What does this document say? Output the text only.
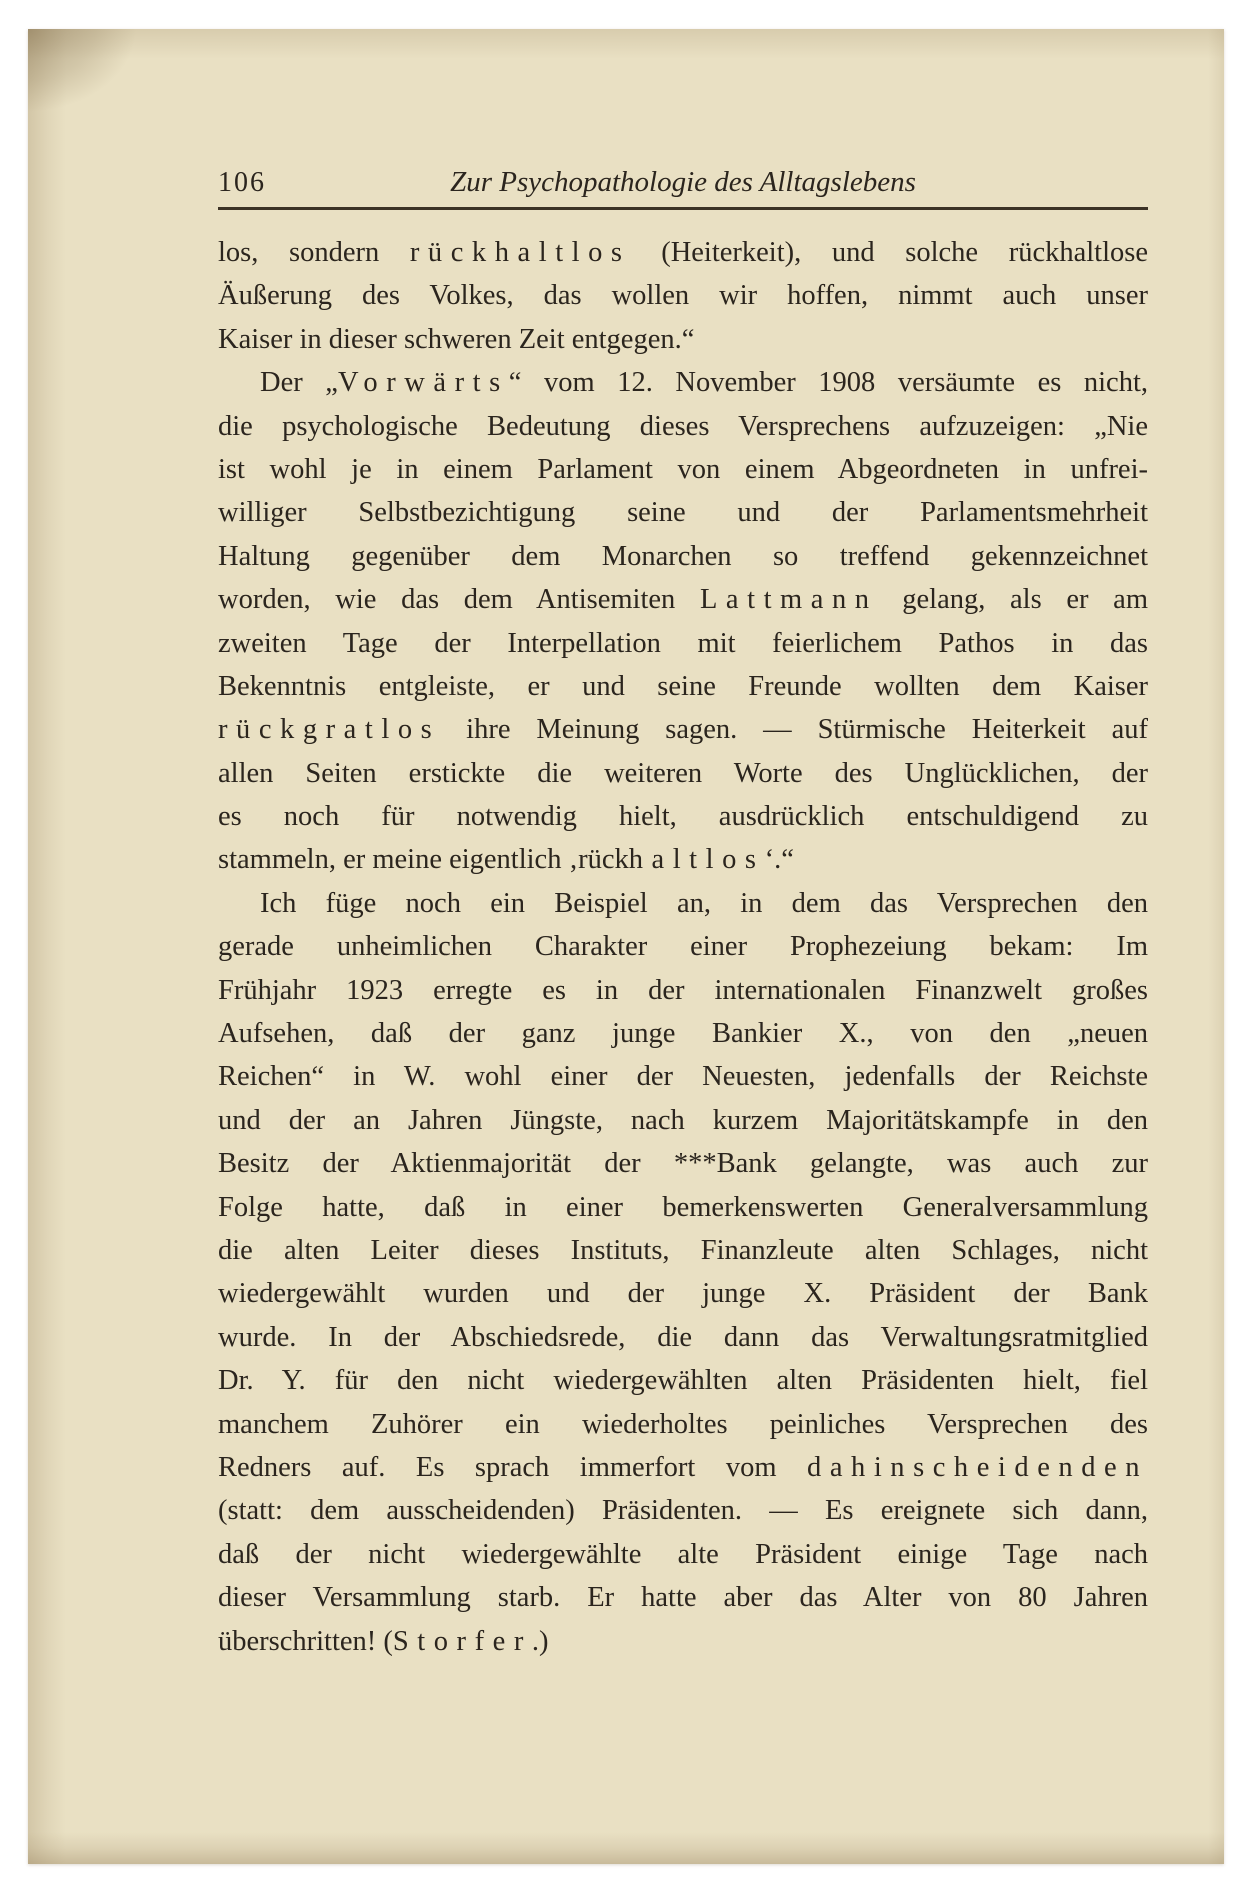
106	Zur Psychopathologie des Alltagslebens
los, sondern rückhaltlos (Heiterkeit), und solche rückhaltlose
Äußerung des Volkes, das wollen wir hoffen, nimmt auch unser
Kaiser in dieser schweren Zeit entgegen.“
Der „Vorwärts“ vom 12. November 1908 versäumte es nicht,
die psychologische Bedeutung dieses Versprechens aufzuzeigen: „Nie
ist wohl je in einem Parlament von einem Abgeordneten in unfrei-
williger Selbstbezichtigung seine und der Parlamentsmehrheit
Haltung gegenüber dem Monarchen so treffend gekennzeichnet
worden, wie das dem Antisemiten Lattmann gelang, als er am
zweiten Tage der Interpellation mit feierlichem Pathos in das
Bekenntnis entgleiste, er und seine Freunde wollten dem Kaiser
rückgratlos ihre Meinung sagen. — Stürmische Heiterkeit auf
allen Seiten erstickte die weiteren Worte des Unglücklichen, der
es noch für notwendig hielt, ausdrücklich entschuldigend zu
stammeln, er meine eigentlich ‚rückhaltlos‘.“
Ich füge noch ein Beispiel an, in dem das Versprechen den
gerade unheimlichen Charakter einer Prophezeiung bekam: Im
Frühjahr 1923 erregte es in der internationalen Finanzwelt großes
Aufsehen, daß der ganz junge Bankier X., von den „neuen
Reichen“ in W. wohl einer der Neuesten, jedenfalls der Reichste
und der an Jahren Jüngste, nach kurzem Majoritätskampfe in den
Besitz der Aktienmajorität der ***Bank gelangte, was auch zur
Folge hatte, daß in einer bemerkenswerten Generalversammlung
die alten Leiter dieses Instituts, Finanzleute alten Schlages, nicht
wiedergewählt wurden und der junge X. Präsident der Bank
wurde. In der Abschiedsrede, die dann das Verwaltungsratmitglied
Dr. Y. für den nicht wiedergewählten alten Präsidenten hielt, fiel
manchem Zuhörer ein wiederholtes peinliches Versprechen des
Redners auf. Es sprach immerfort vom dahinscheidenden
(statt: dem ausscheidenden) Präsidenten. — Es ereignete sich dann,
daß der nicht wiedergewählte alte Präsident einige Tage nach
dieser Versammlung starb. Er hatte aber das Alter von 80 Jahren
überschritten! (Storfer.)
